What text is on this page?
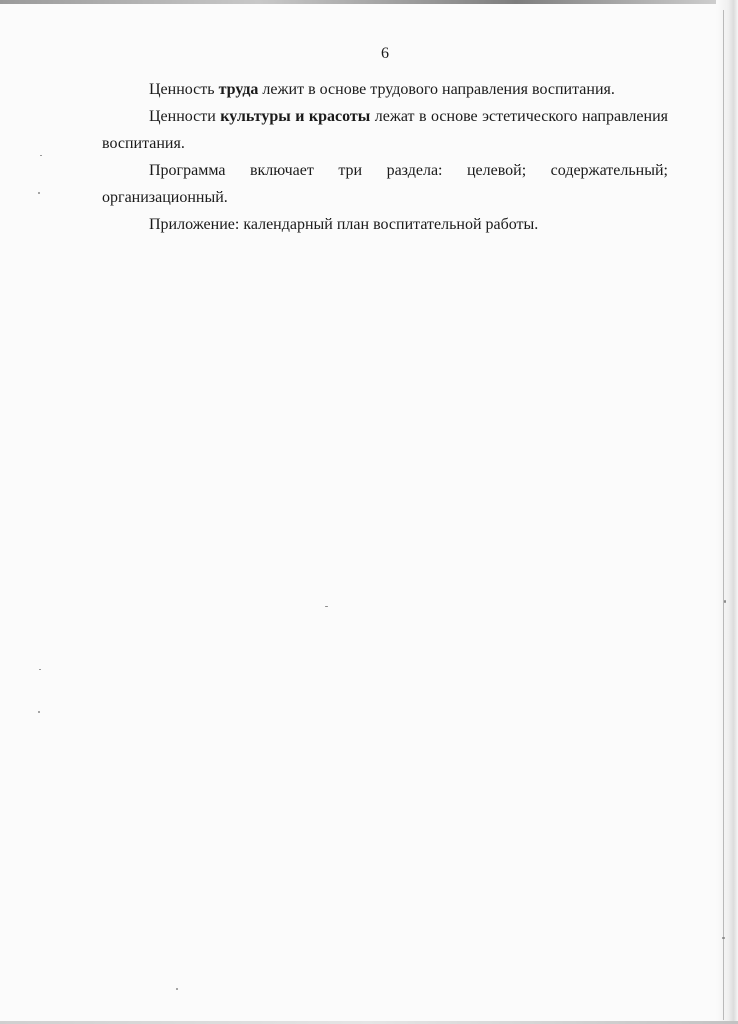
6

Ценность труда лежит в основе трудового направления воспитания.

Ценности культуры и красоты лежат в основе эстетического направления воспитания.

Программа включает три раздела: целевой; содержательный; организационный.

Приложение: календарный план воспитательной работы.
